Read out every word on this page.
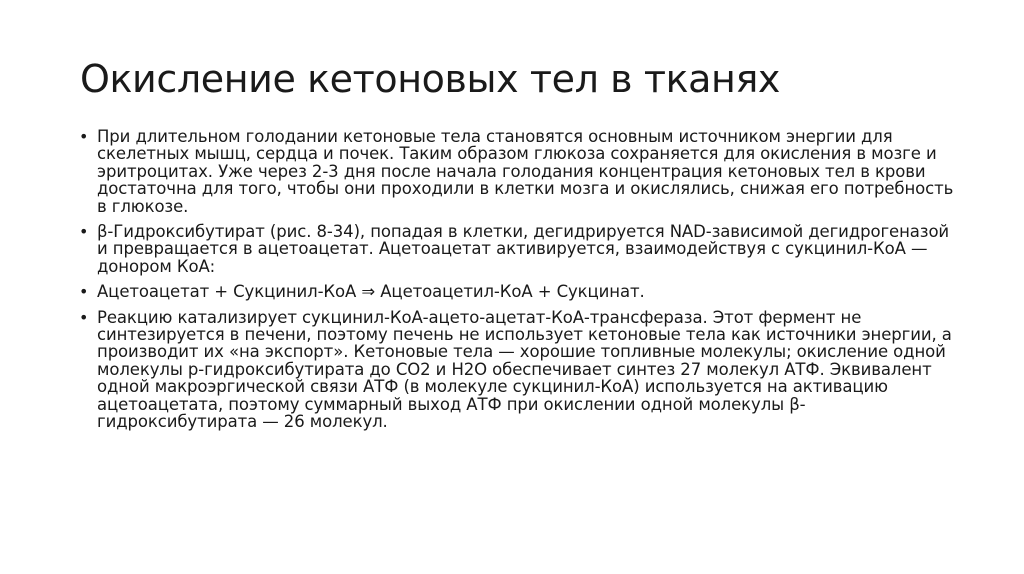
Окисление кетоновых тел в тканях
• При длительном голодании кетоновые тела становятся основным источником энергии для скелетных мышц, сердца и почек. Таким образом глюкоза сохраняется для окисления в мозге и эритроцитах. Уже через 2-3 дня после начала голодания концентрация кетоновых тел в крови достаточна для того, чтобы они проходили в клетки мозга и окислялись, снижая его потребность в глюкозе.
• β-Гидроксибутират (рис. 8-34), попадая в клетки, дегидрируется NAD-зависимой дегидрогеназой и превращается в ацетоацетат. Ацетоацетат активируется, взаимодействуя с сукцинил-КоА — донором КоА:
• Ацетоацетат + Сукцинил-КоА ⇒ Ацетоацетил-КоА + Сукцинат.
• Реакцию катализирует сукцинил-КоА-ацето-ацетат-КоА-трансфераза. Этот фермент не синтезируется в печени, поэтому печень не использует кетоновые тела как источники энергии, а производит их «на экспорт». Кетоновые тела — хорошие топливные молекулы; окисление одной молекулы р-гидроксибутирата до СО2 и Н2О обеспечивает синтез 27 молекул АТФ. Эквивалент одной макроэргической связи АТФ (в молекуле сукцинил-КоА) используется на активацию ацетоацетата, поэтому суммарный выход АТФ при окислении одной молекулы β-гидроксибутирата — 26 молекул.
